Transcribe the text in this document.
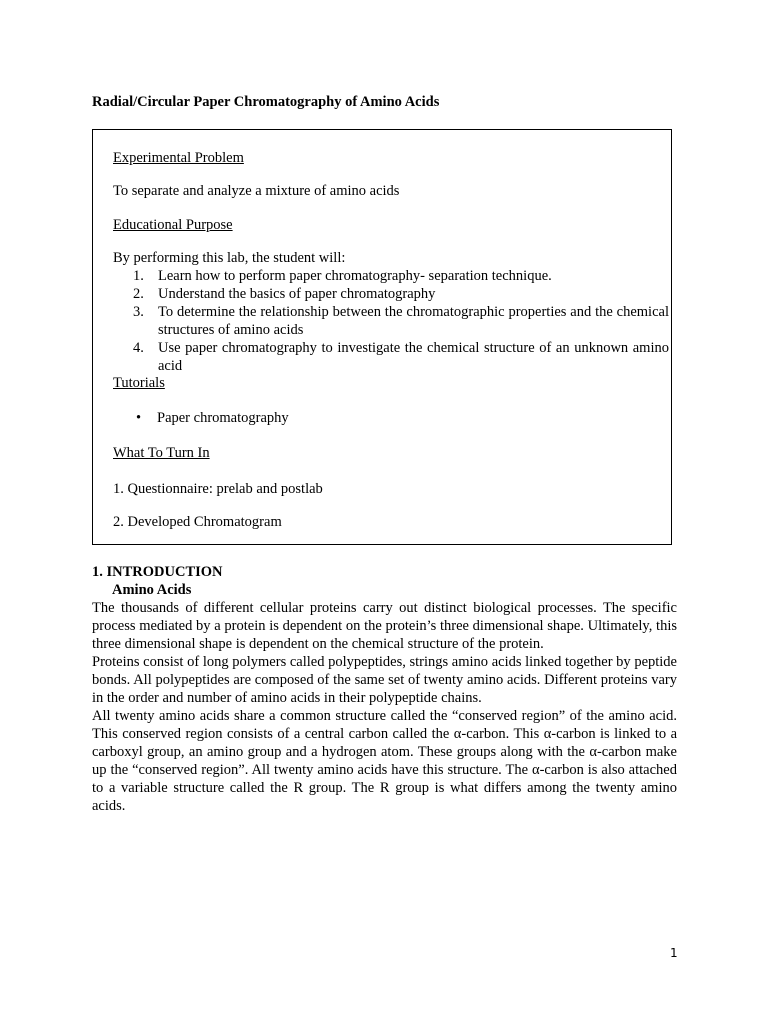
Radial/Circular Paper Chromatography of Amino Acids
Experimental Problem
To separate and analyze a mixture of amino acids
Educational Purpose
By performing this lab, the student will:
1. Learn how to perform paper chromatography- separation technique.
2. Understand the basics of paper chromatography
3. To determine the relationship between the chromatographic properties and the chemical structures of amino acids
4. Use paper chromatography to investigate the chemical structure of an unknown amino acid
Tutorials
• Paper chromatography
What To Turn In
1. Questionnaire: prelab and postlab
2. Developed Chromatogram
1. INTRODUCTION
Amino Acids

The thousands of different cellular proteins carry out distinct biological processes. The specific process mediated by a protein is dependent on the protein’s three dimensional shape. Ultimately, this three dimensional shape is dependent on the chemical structure of the protein.

Proteins consist of long polymers called polypeptides, strings amino acids linked together by peptide bonds. All polypeptides are composed of the same set of twenty amino acids. Different proteins vary in the order and number of amino acids in their polypeptide chains.

All twenty amino acids share a common structure called the “conserved region” of the amino acid. This conserved region consists of a central carbon called the α-carbon. This α-carbon is linked to a carboxyl group, an amino group and a hydrogen atom. These groups along with the α-carbon make up the “conserved region”. All twenty amino acids have this structure. The α-carbon is also attached to a variable structure called the R group. The R group is what differs among the twenty amino acids.

1
